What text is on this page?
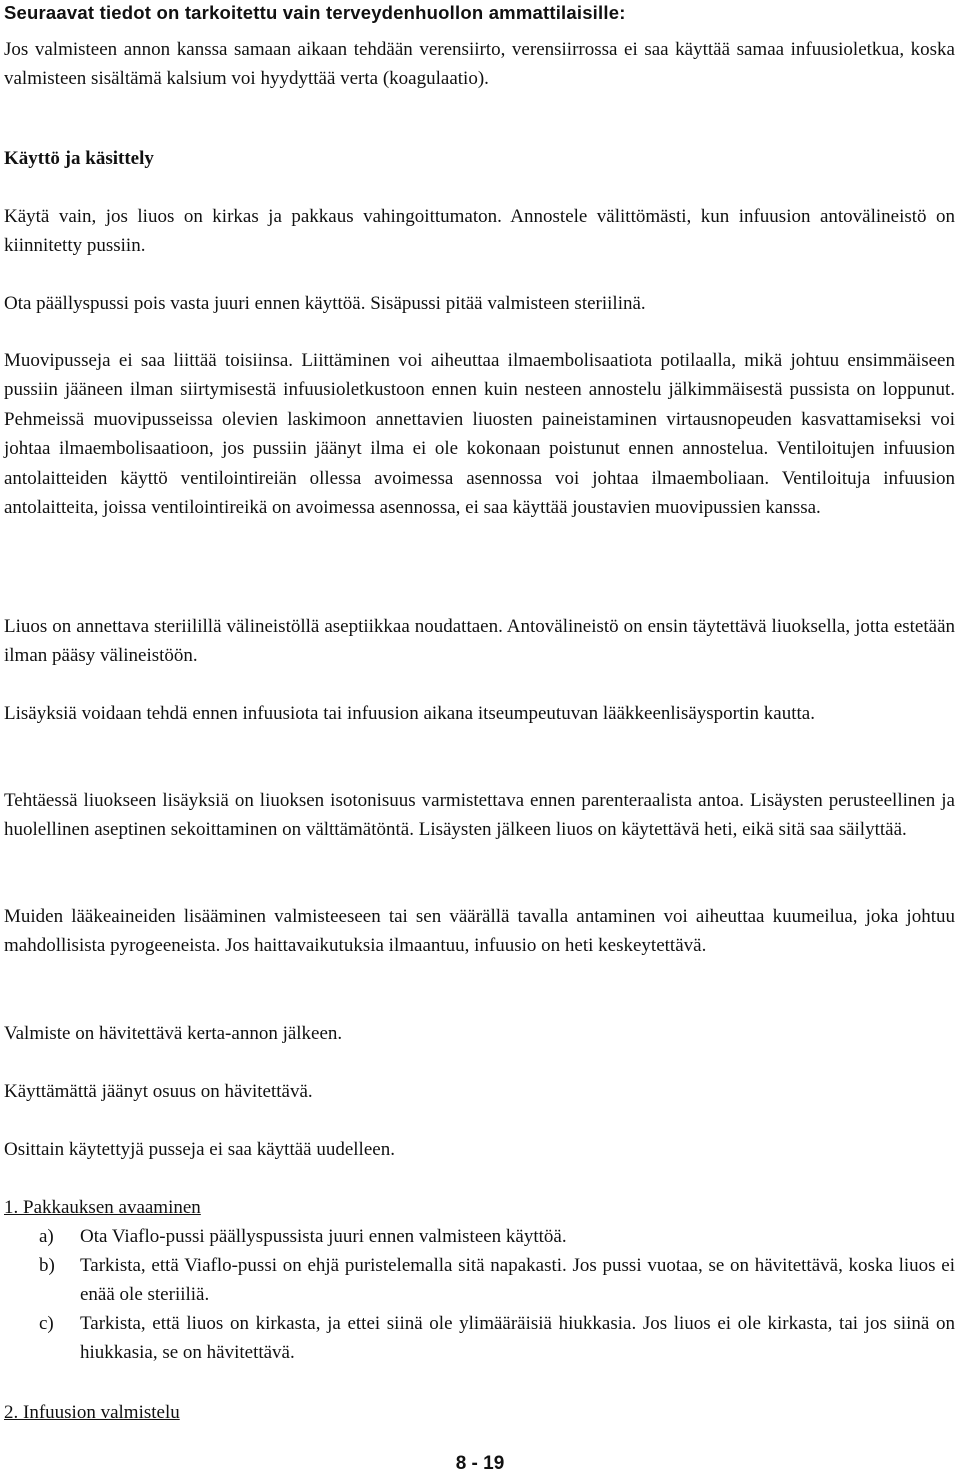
Seuraavat tiedot on tarkoitettu vain terveydenhuollon ammattilaisille:
Jos valmisteen annon kanssa samaan aikaan tehdään verensiirto, verensiirrossa ei saa käyttää samaa infuusioletkua, koska valmisteen sisältämä kalsium voi hyydyttää verta (koagulaatio).
Käyttö ja käsittely
Käytä vain, jos liuos on kirkas ja pakkaus vahingoittumaton. Annostele välittömästi, kun infuusion antovälineistö on kiinnitetty pussiin.
Ota päällyspussi pois vasta juuri ennen käyttöä. Sisäpussi pitää valmisteen steriilinä.
Muovipusseja ei saa liittää toisiinsa. Liittäminen voi aiheuttaa ilmaembolisaatiota potilaalla, mikä johtuu ensimmäiseen pussiin jääneen ilman siirtymisestä infuusioletkustoon ennen kuin nesteen annostelu jälkimmäisestä pussista on loppunut. Pehmeissä muovipusseissa olevien laskimoon annettavien liuosten paineistaminen virtausnopeuden kasvattamiseksi voi johtaa ilmaembolisaatioon, jos pussiin jäänyt ilma ei ole kokonaan poistunut ennen annostelua. Ventiloitujen infuusion antolaitteiden käyttö ventilointireiän ollessa avoimessa asennossa voi johtaa ilmaemboliaan. Ventiloituja infuusion antolaitteita, joissa ventilointireikä on avoimessa asennossa, ei saa käyttää joustavien muovipussien kanssa.
Liuos on annettava steriilillä välineistöllä aseptiikkaa noudattaen. Antovälineistö on ensin täytettävä liuoksella, jotta estetään ilman pääsy välineistöön.
Lisäyksiä voidaan tehdä ennen infuusiota tai infuusion aikana itseumpeutuvan lääkkeenlisäysportin kautta.
Tehtäessä liuokseen lisäyksiä on liuoksen isotonisuus varmistettava ennen parenteraalista antoa. Lisäysten perusteellinen ja huolellinen aseptinen sekoittaminen on välttämätöntä. Lisäysten jälkeen liuos on käytettävä heti, eikä sitä saa säilyttää.
Muiden lääkeaineiden lisääminen valmisteeseen tai sen väärällä tavalla antaminen voi aiheuttaa kuumeilua, joka johtuu mahdollisista pyrogeeneista. Jos haittavaikutuksia ilmaantuu, infuusio on heti keskeytettävä.
Valmiste on hävitettävä kerta-annon jälkeen.
Käyttämättä jäänyt osuus on hävitettävä.
Osittain käytettyjä pusseja ei saa käyttää uudelleen.
1. Pakkauksen avaaminen
a) Ota Viaflo-pussi päällyspussista juuri ennen valmisteen käyttöä.
b) Tarkista, että Viaflo-pussi on ehjä puristelemalla sitä napakasti. Jos pussi vuotaa, se on hävitettävä, koska liuos ei enää ole steriiliä.
c) Tarkista, että liuos on kirkasta, ja ettei siinä ole ylimääräisiä hiukkasia. Jos liuos ei ole kirkasta, tai jos siinä on hiukkasia, se on hävitettävä.
2. Infuusion valmistelu
8 - 19
